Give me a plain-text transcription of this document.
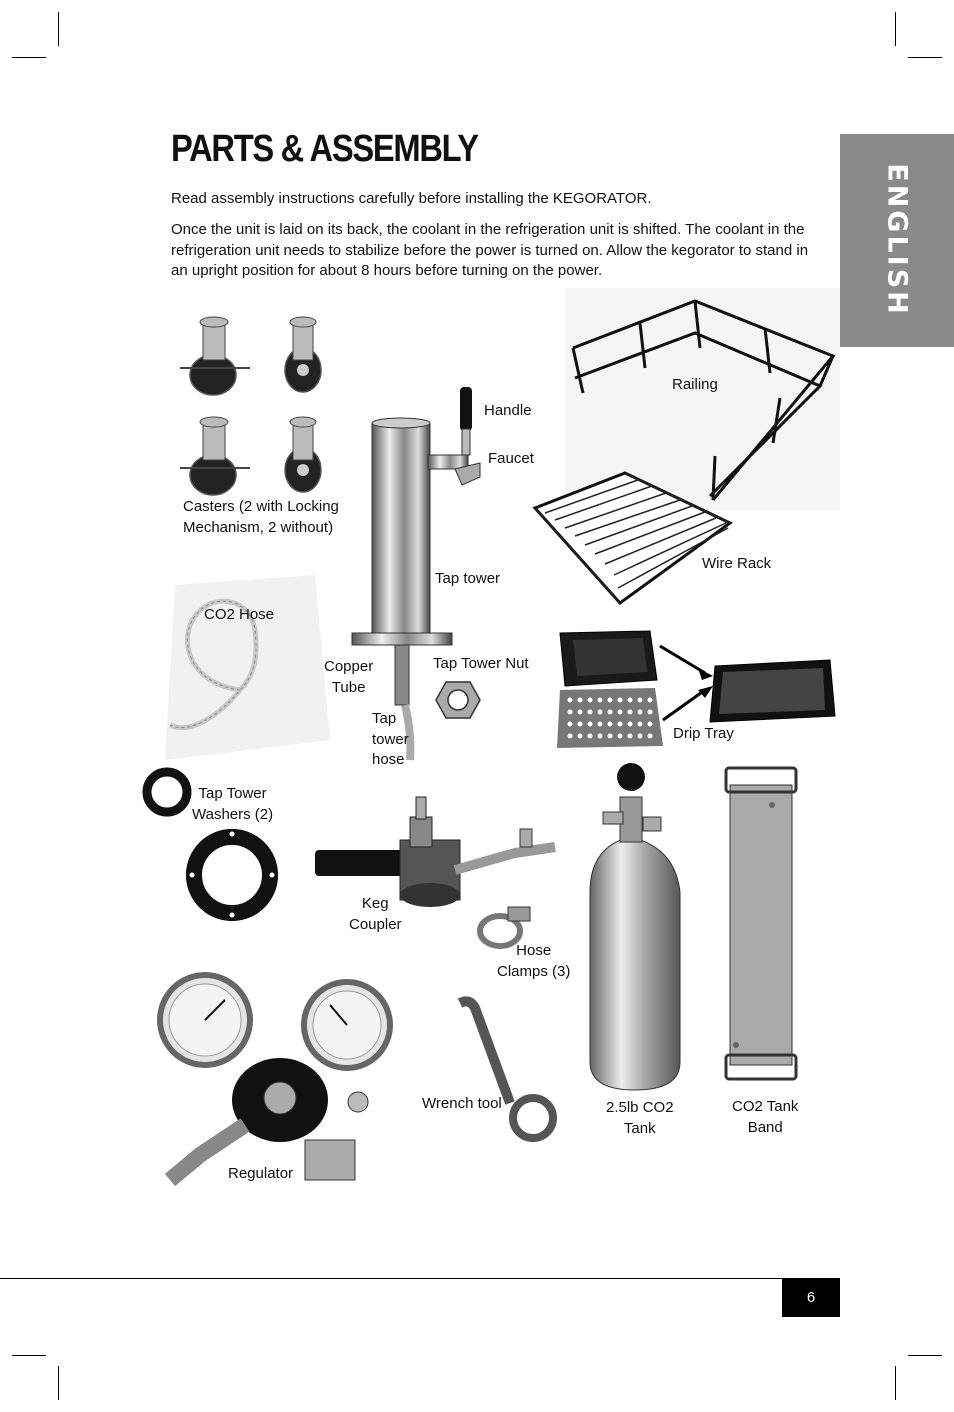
PARTS & ASSEMBLY
Read assembly instructions carefully before installing the KEGORATOR.
Once the unit is laid on its back, the coolant in the refrigeration unit is shifted. The coolant in the refrigeration unit needs to stabilize before the power is turned on. Allow the kegorator to stand in an upright position for about 8 hours before turning on the power.	ENGLISH
Casters (2 with Locking
Mechanism, 2 without)
Handle
Faucet
Tap tower
Copper
Tube
Tap
tower
hose
Tap Tower Nut
Railing
Wire Rack
CO2 Hose
Drip Tray
Tap Tower
Washers (2)
Keg
Coupler
Hose
Clamps (3)
2.5lb CO2
Tank
CO2 Tank
Band
Wrench tool
Regulator
6
